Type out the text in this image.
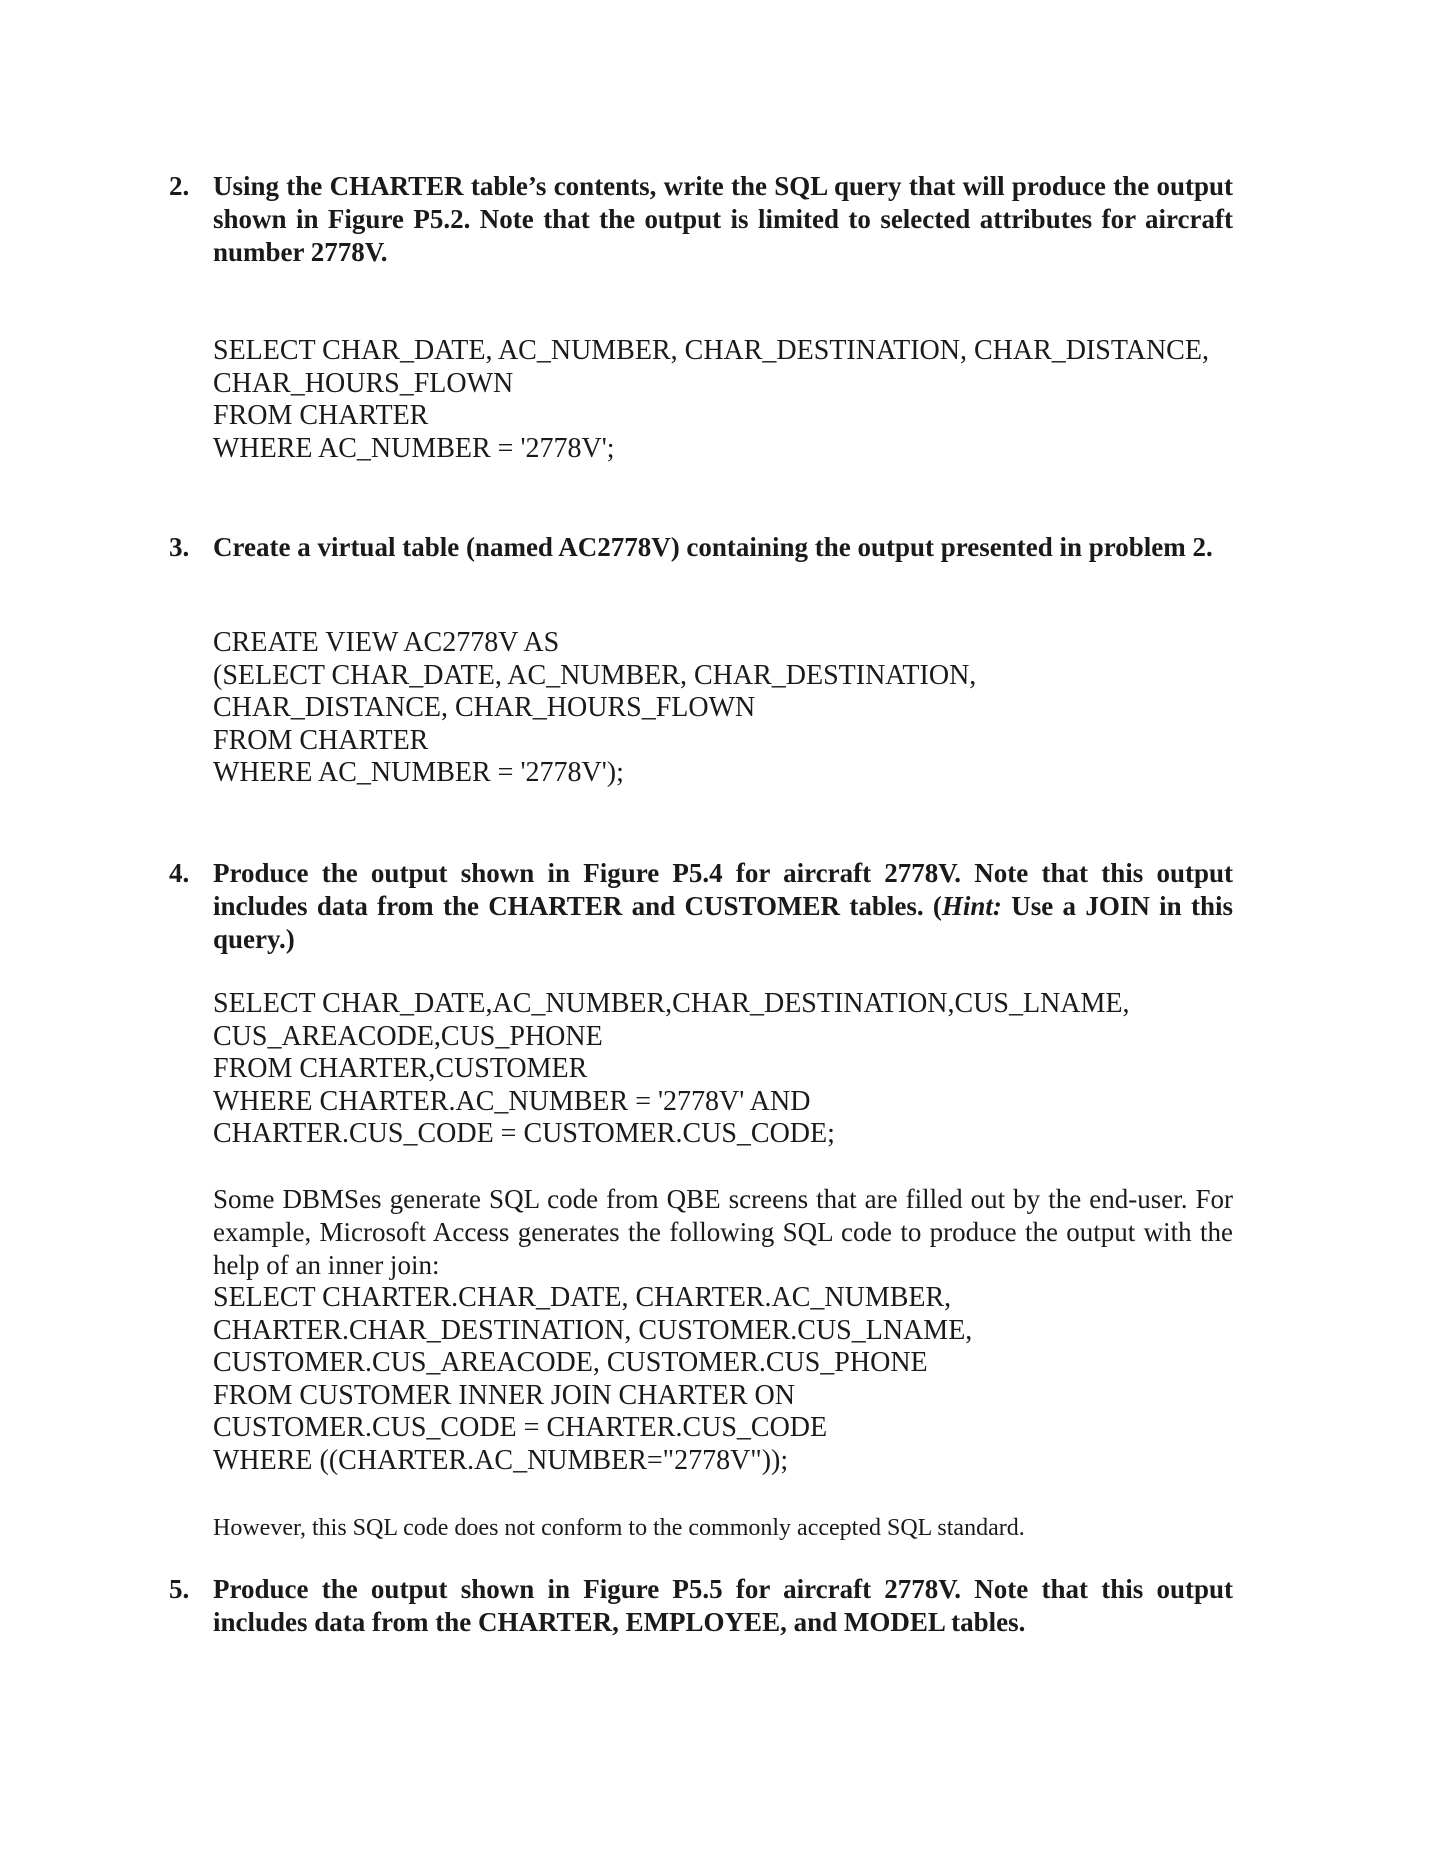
2. Using the CHARTER table’s contents, write the SQL query that will produce the output shown in Figure P5.2. Note that the output is limited to selected attributes for aircraft number 2778V.
SELECT CHAR_DATE, AC_NUMBER, CHAR_DESTINATION, CHAR_DISTANCE,
CHAR_HOURS_FLOWN
FROM CHARTER
WHERE AC_NUMBER = '2778V';
3. Create a virtual table (named AC2778V) containing the output presented in problem 2.
CREATE VIEW AC2778V AS
(SELECT CHAR_DATE, AC_NUMBER, CHAR_DESTINATION,
CHAR_DISTANCE, CHAR_HOURS_FLOWN
FROM CHARTER
WHERE AC_NUMBER = '2778V');
4. Produce the output shown in Figure P5.4 for aircraft 2778V. Note that this output includes data from the CHARTER and CUSTOMER tables. (Hint: Use a JOIN in this query.)
SELECT CHAR_DATE,AC_NUMBER,CHAR_DESTINATION,CUS_LNAME,
CUS_AREACODE,CUS_PHONE
FROM CHARTER,CUSTOMER
WHERE CHARTER.AC_NUMBER = '2778V' AND
CHARTER.CUS_CODE = CUSTOMER.CUS_CODE;
Some DBMSes generate SQL code from QBE screens that are filled out by the end-user. For example, Microsoft Access generates the following SQL code to produce the output with the help of an inner join:
SELECT CHARTER.CHAR_DATE, CHARTER.AC_NUMBER,
CHARTER.CHAR_DESTINATION, CUSTOMER.CUS_LNAME,
CUSTOMER.CUS_AREACODE, CUSTOMER.CUS_PHONE
FROM CUSTOMER INNER JOIN CHARTER ON
CUSTOMER.CUS_CODE = CHARTER.CUS_CODE
WHERE ((CHARTER.AC_NUMBER="2778V"));
However, this SQL code does not conform to the commonly accepted SQL standard.
5. Produce the output shown in Figure P5.5 for aircraft 2778V. Note that this output includes data from the CHARTER, EMPLOYEE, and MODEL tables.
